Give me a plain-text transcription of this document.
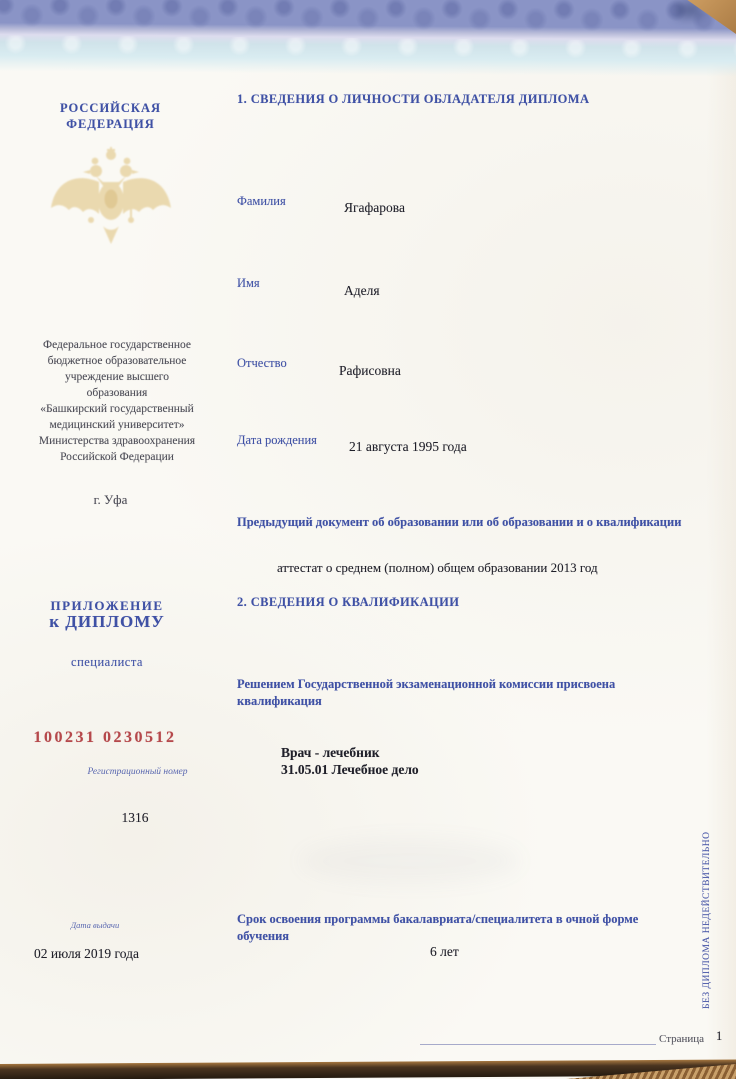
РОССИЙСКАЯ
ФЕДЕРАЦИЯ
Федеральное государственное
бюджетное образовательное
учреждение высшего
образования
«Башкирский государственный
медицинский университет»
Министерства здравоохранения
Российской Федерации
г. Уфа
ПРИЛОЖЕНИЕ
к ДИПЛОМУ
специалиста
100231 0230512
Регистрационный номер
1316
Дата выдачи
02 июля 2019 года
1. СВЕДЕНИЯ О ЛИЧНОСТИ ОБЛАДАТЕЛЯ ДИПЛОМА
Фамилия	Ягафарова
Имя	Аделя
Отчество	Рафисовна
Дата рождения 21 августа 1995 года
Предыдущий документ об образовании или об образовании и о квалификации
аттестат о среднем (полном) общем образовании 2013 год
2. СВЕДЕНИЯ О КВАЛИФИКАЦИИ
Решением Государственной экзаменационной комиссии присвоена квалификация
Врач - лечебник
31.05.01 Лечебное дело
Срок освоения программы бакалавриата/специалитета в очной форме обучения
6 лет	БЕЗ ДИПЛОМА НЕДЕЙСТВИТЕЛЬНО
Страница 1
